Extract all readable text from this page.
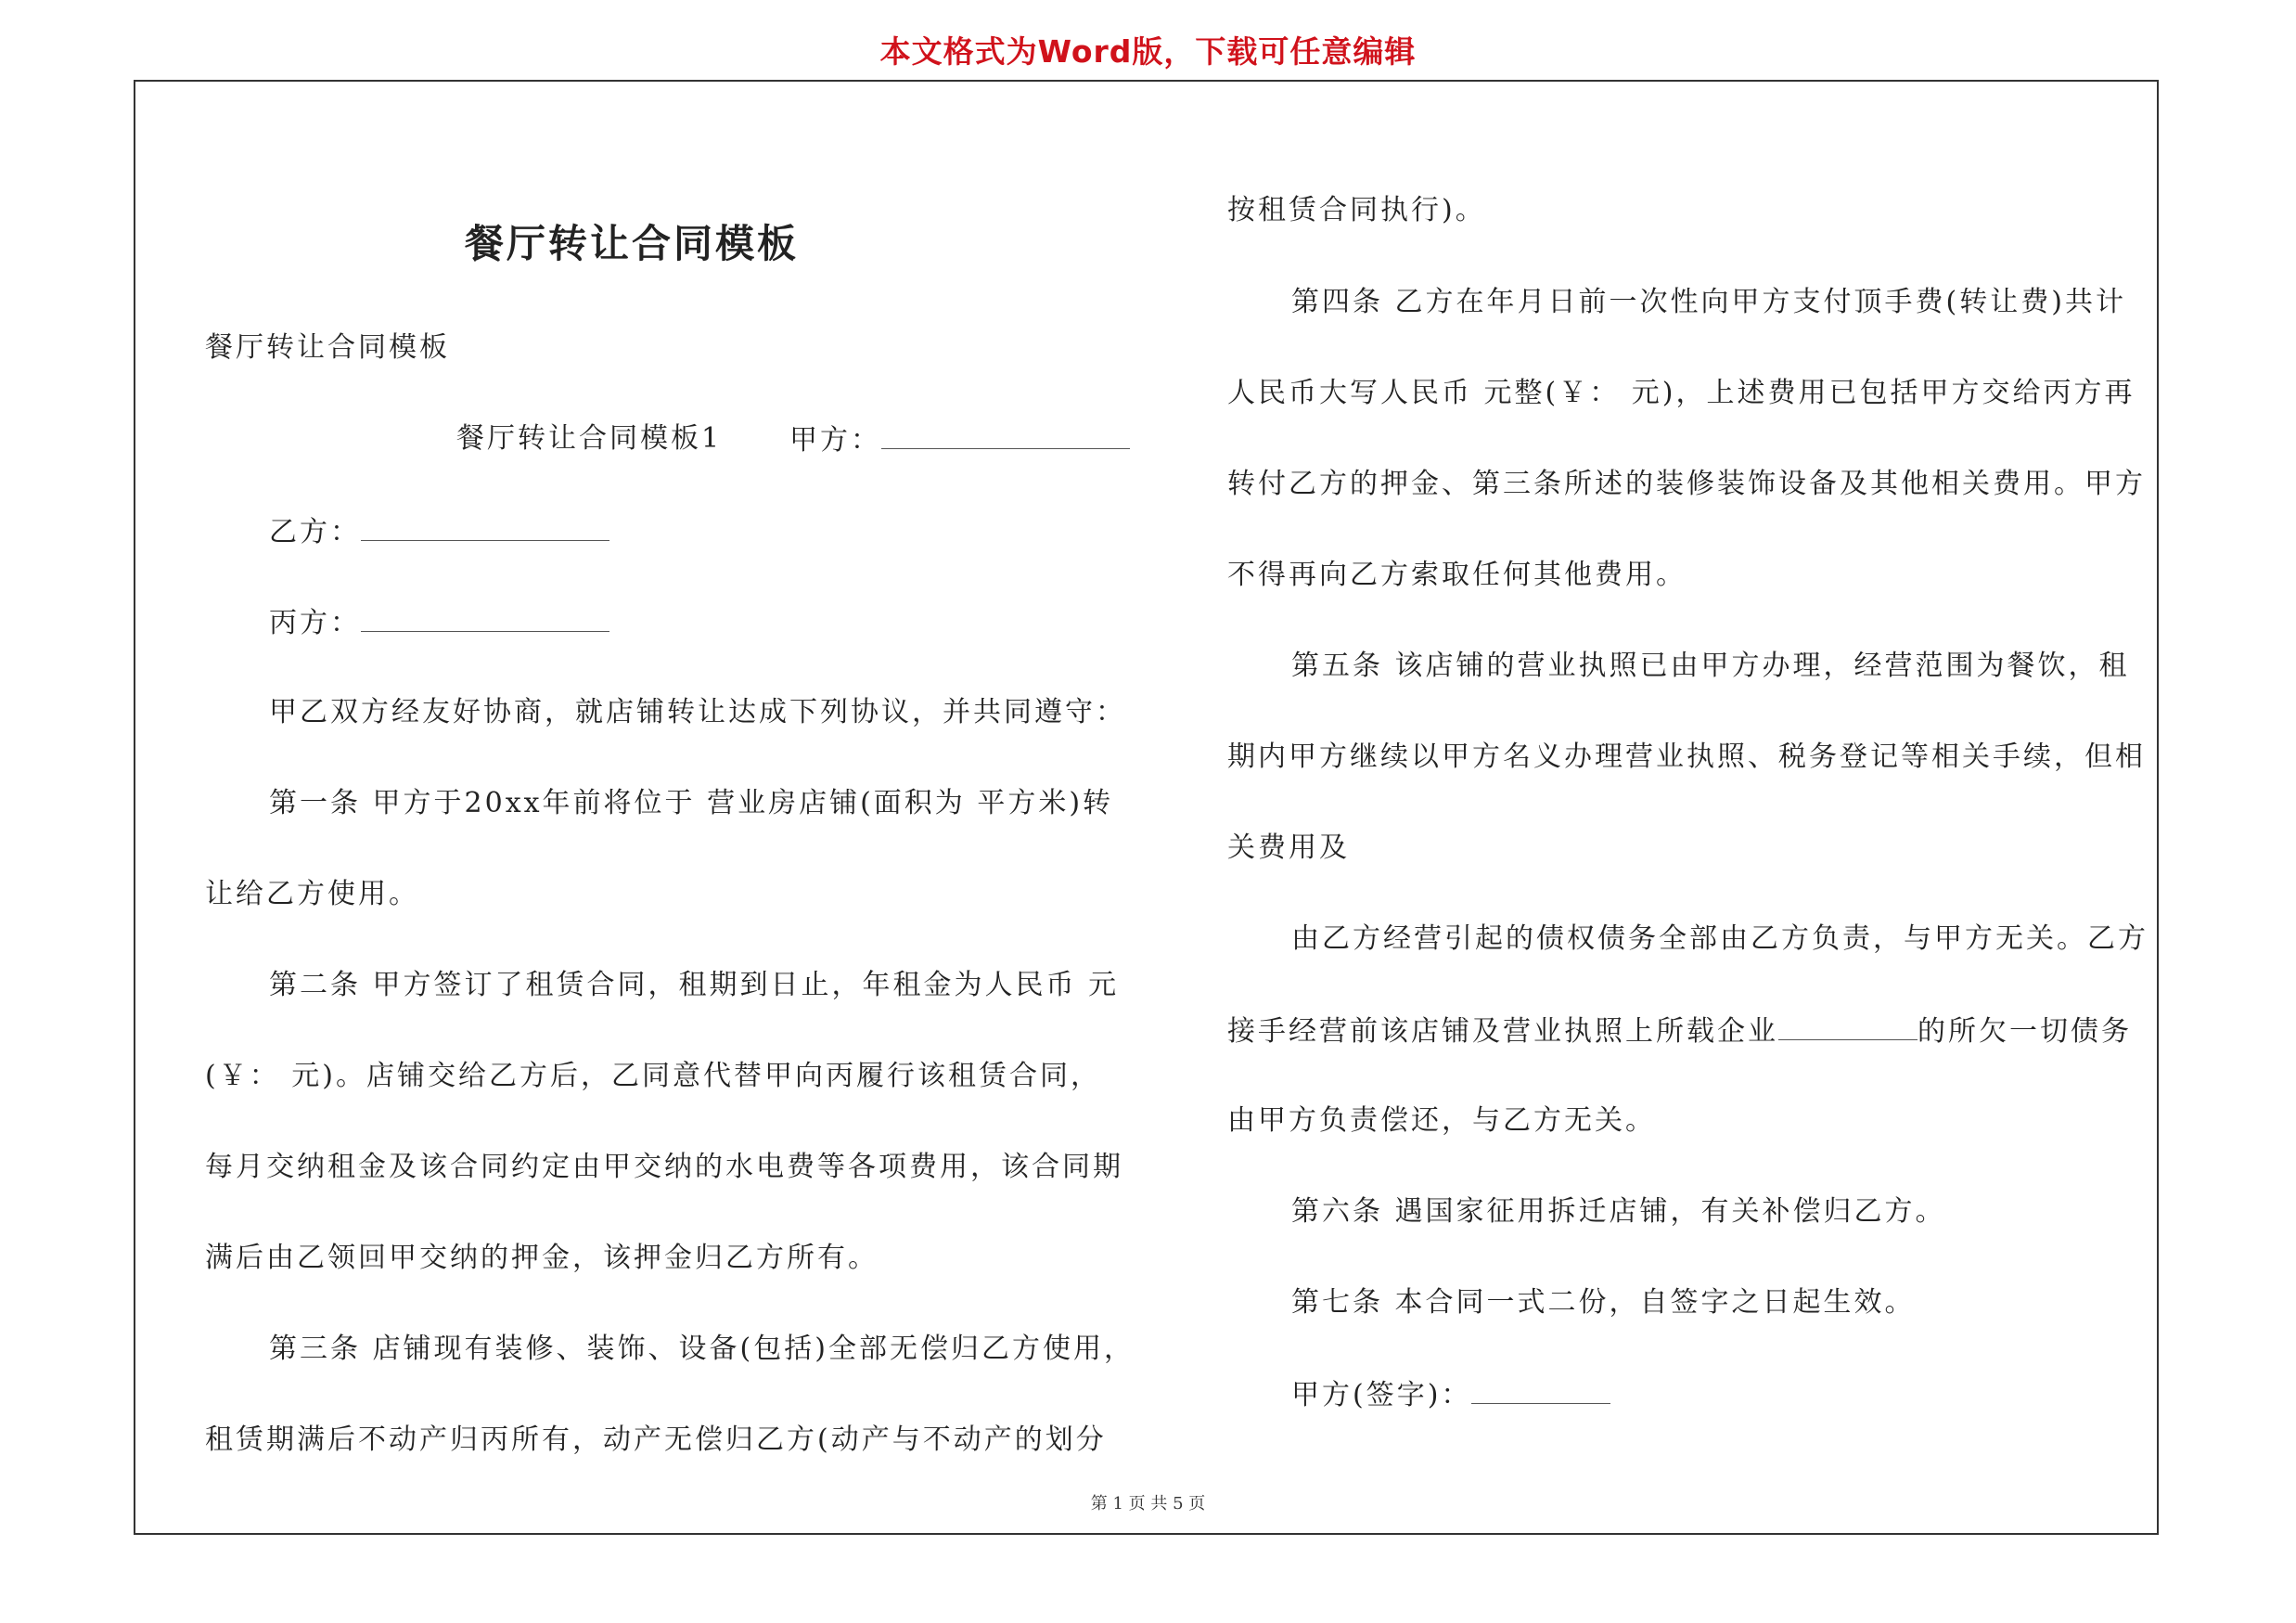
本文格式为Word版，下载可任意编辑
餐厅转让合同模板
餐厅转让合同模板
餐厅转让合同模板1 甲方：
乙方：
丙方：
甲乙双方经友好协商，就店铺转让达成下列协议，并共同遵守：
第一条 甲方于20xx年前将位于 营业房店铺(面积为 平方米)转
让给乙方使用。
第二条 甲方签订了租赁合同，租期到日止，年租金为人民币 元
(￥： 元)。店铺交给乙方后，乙同意代替甲向丙履行该租赁合同，
每月交纳租金及该合同约定由甲交纳的水电费等各项费用，该合同期
满后由乙领回甲交纳的押金，该押金归乙方所有。
第三条 店铺现有装修、装饰、设备(包括)全部无偿归乙方使用，
租赁期满后不动产归丙所有，动产无偿归乙方(动产与不动产的划分
按租赁合同执行)。
第四条 乙方在年月日前一次性向甲方支付顶手费(转让费)共计
人民币大写人民币 元整(￥： 元)，上述费用已包括甲方交给丙方再
转付乙方的押金、第三条所述的装修装饰设备及其他相关费用。甲方
不得再向乙方索取任何其他费用。
第五条 该店铺的营业执照已由甲方办理，经营范围为餐饮，租
期内甲方继续以甲方名义办理营业执照、税务登记等相关手续，但相
关费用及
由乙方经营引起的债权债务全部由乙方负责，与甲方无关。乙方
接手经营前该店铺及营业执照上所载企业	的所欠一切债务
由甲方负责偿还，与乙方无关。
第六条 遇国家征用拆迁店铺，有关补偿归乙方。
第七条 本合同一式二份，自签字之日起生效。
甲方(签字)：
第 1 页 共 5 页
